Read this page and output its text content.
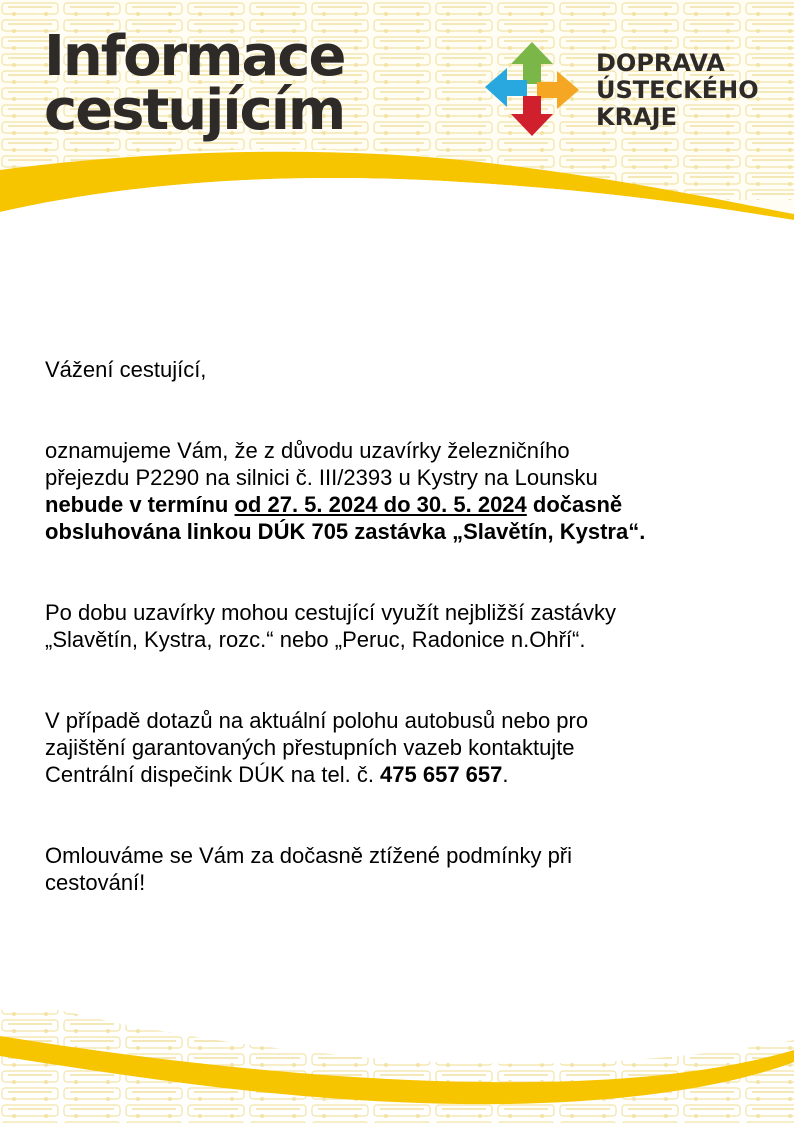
Informace
cestujícím
DOPRAVA
ÚSTECKÉHO
KRAJE

Vážení cestující,

oznamujeme Vám, že z důvodu uzavírky železničního

přejezdu P2290 na silnici č. III/2393 u Kystry na Lounsku

nebude v termínu od 27. 5. 2024 do 30. 5. 2024 dočasně

obsluhována linkou DÚK 705 zastávka „Slavětín, Kystra“.

Po dobu uzavírky mohou cestující využít nejbližší zastávky

„Slavětín, Kystra, rozc.“ nebo „Peruc, Radonice n.Ohří“.

V případě dotazů na aktuální polohu autobusů nebo pro

zajištění garantovaných přestupních vazeb kontaktujte

Centrální dispečink DÚK na tel. č. 475 657 657.

Omlouváme se Vám za dočasně ztížené podmínky při

cestování!
